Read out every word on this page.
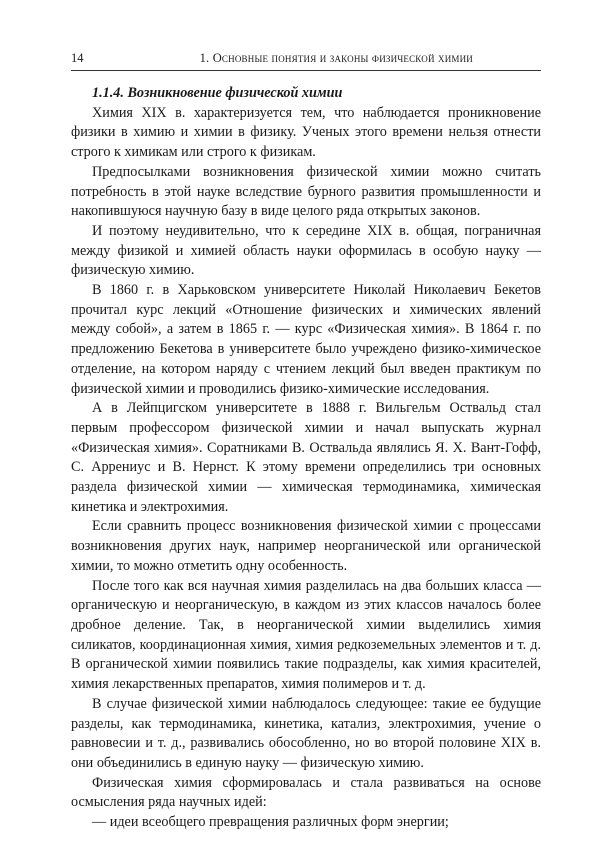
14	1. Основные понятия и законы физической химии
1.1.4. Возникновение физической химии

Химия XIX в. характеризуется тем, что наблюдается проникновение физики в химию и химии в физику. Ученых этого времени нельзя отнести строго к химикам или строго к физикам.

Предпосылками возникновения физической химии можно считать потребность в этой науке вследствие бурного развития промышленности и накопившуюся научную базу в виде целого ряда открытых законов.

И поэтому неудивительно, что к середине XIX в. общая, пограничная между физикой и химией область науки оформилась в особую науку — физическую химию.

В 1860 г. в Харьковском университете Николай Николаевич Бекетов прочитал курс лекций «Отношение физических и химических явлений между собой», а затем в 1865 г. — курс «Физическая химия». В 1864 г. по предложению Бекетова в университете было учреждено физико-химическое отделение, на котором наряду с чтением лекций был введен практикум по физической химии и проводились физико-химические исследования.

А в Лейпцигском университете в 1888 г. Вильгельм Оствальд стал первым профессором физической химии и начал выпускать журнал «Физическая химия». Соратниками В. Оствальда являлись Я. Х. Вант-Гофф, С. Аррениус и В. Нернст. К этому времени определились три основных раздела физической химии — химическая термодинамика, химическая кинетика и электрохимия.

Если сравнить процесс возникновения физической химии с процессами возникновения других наук, например неорганической или органической химии, то можно отметить одну особенность.

После того как вся научная химия разделилась на два больших класса — органическую и неорганическую, в каждом из этих классов началось более дробное деление. Так, в неорганической химии выделились химия силикатов, координационная химия, химия редкоземельных элементов и т. д. В органической химии появились такие подразделы, как химия красителей, химия лекарственных препаратов, химия полимеров и т. д.

В случае физической химии наблюдалось следующее: такие ее будущие разделы, как термодинамика, кинетика, катализ, электрохимия, учение о равновесии и т. д., развивались обособленно, но во второй половине XIX в. они объединились в единую науку — физическую химию.

Физическая химия сформировалась и стала развиваться на основе осмысления ряда научных идей:

— идеи всеобщего превращения различных форм энергии;
